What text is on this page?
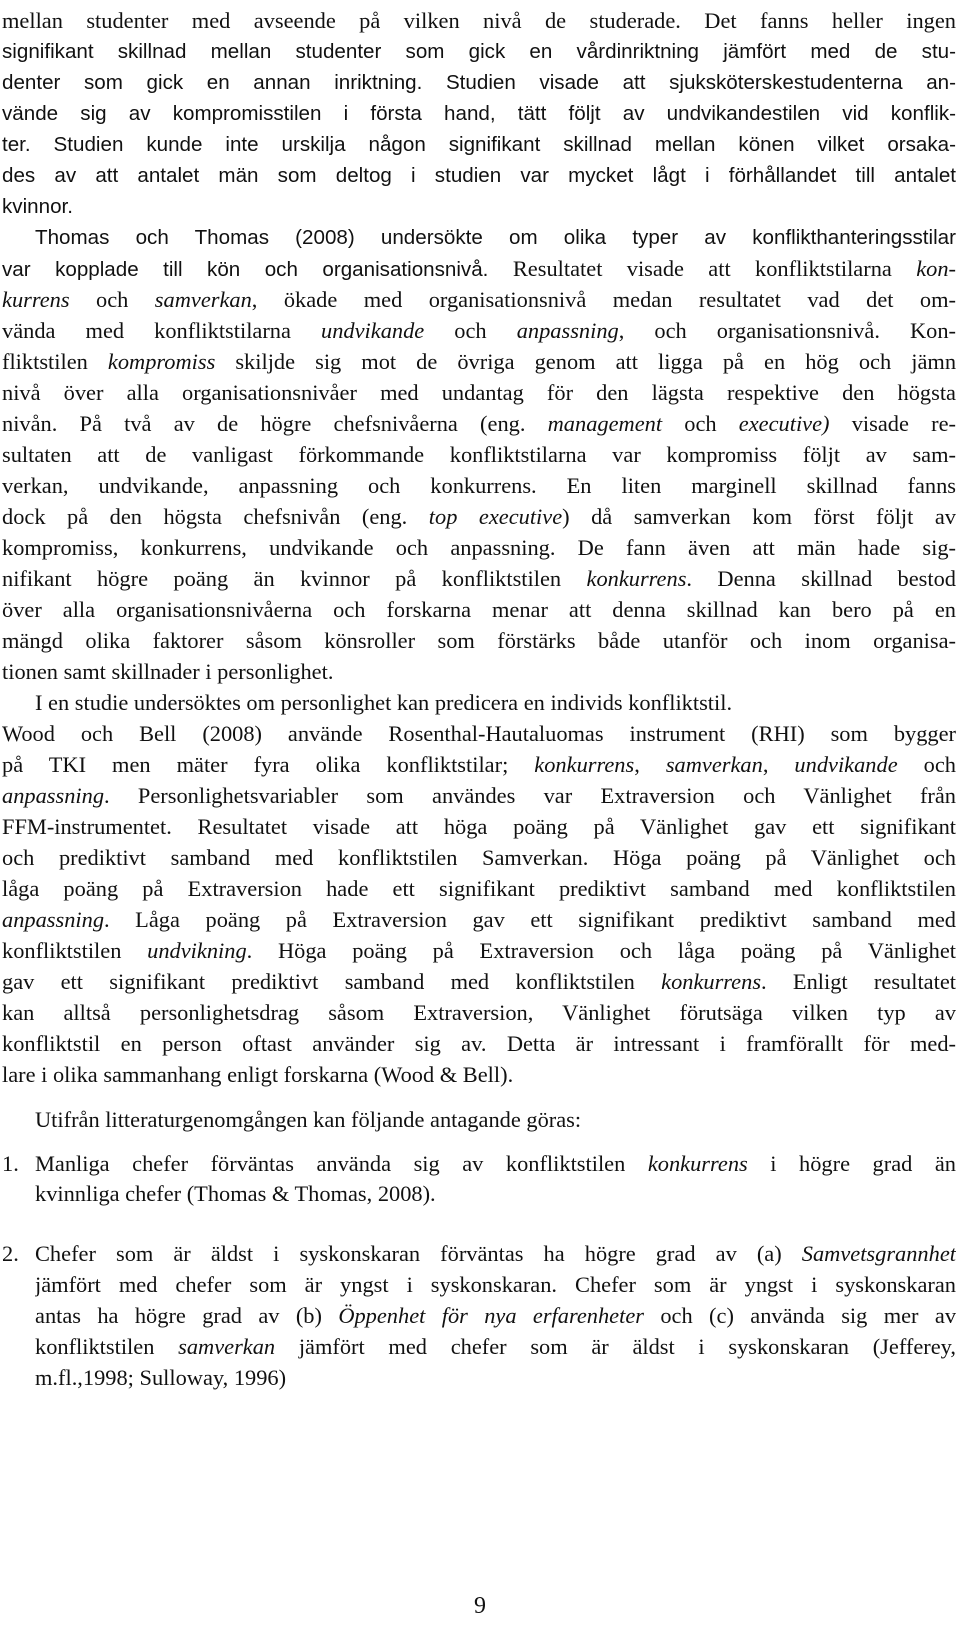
mellan studenter med avseende på vilken nivå de studerade. Det fanns heller ingen
signifikant skillnad mellan studenter som gick en vårdinriktning jämfört med de stu-
denter som gick en annan inriktning. Studien visade att sjuksköterskestudenterna an-
vände sig av kompromisstilen i första hand, tätt följt av undvikandestilen vid konflik-
ter. Studien kunde inte urskilja någon signifikant skillnad mellan könen vilket orsaka-
des av att antalet män som deltog i studien var mycket lågt i förhållandet till antalet
kvinnor.
Thomas och Thomas (2008) undersökte om olika typer av konflikthanteringsstilar
var kopplade till kön och organisationsnivå. Resultatet visade att konfliktstilarna kon-
kurrens och samverkan, ökade med organisationsnivå medan resultatet vad det om-
vända med konfliktstilarna undvikande och anpassning, och organisationsnivå. Kon-
fliktstilen kompromiss skiljde sig mot de övriga genom att ligga på en hög och jämn
nivå över alla organisationsnivåer med undantag för den lägsta respektive den högsta
nivån. På två av de högre chefsnivåerna (eng. management och executive) visade re-
sultaten att de vanligast förkommande konfliktstilarna var kompromiss följt av sam-
verkan, undvikande, anpassning och konkurrens. En liten marginell skillnad fanns
dock på den högsta chefsnivån (eng. top executive) då samverkan kom först följt av
kompromiss, konkurrens, undvikande och anpassning. De fann även att män hade sig-
nifikant högre poäng än kvinnor på konfliktstilen konkurrens. Denna skillnad bestod
över alla organisationsnivåerna och forskarna menar att denna skillnad kan bero på en
mängd olika faktorer såsom könsroller som förstärks både utanför och inom organisa-
tionen samt skillnader i personlighet.
I en studie undersöktes om personlighet kan predicera en individs konfliktstil.
Wood och Bell (2008) använde Rosenthal-Hautaluomas instrument (RHI) som bygger
på TKI men mäter fyra olika konfliktstilar; konkurrens, samverkan, undvikande och
anpassning. Personlighetsvariabler som användes var Extraversion och Vänlighet från
FFM-instrumentet. Resultatet visade att höga poäng på Vänlighet gav ett signifikant
och prediktivt samband med konfliktstilen Samverkan. Höga poäng på Vänlighet och
låga poäng på Extraversion hade ett signifikant prediktivt samband med konfliktstilen
anpassning. Låga poäng på Extraversion gav ett signifikant prediktivt samband med
konfliktstilen undvikning. Höga poäng på Extraversion och låga poäng på Vänlighet
gav ett signifikant prediktivt samband med konfliktstilen konkurrens. Enligt resultatet
kan alltså personlighetsdrag såsom Extraversion, Vänlighet förutsäga vilken typ av
konfliktstil en person oftast använder sig av. Detta är intressant i framförallt för med-
lare i olika sammanhang enligt forskarna (Wood & Bell).
Utifrån litteraturgenomgången kan följande antagande göras:
Manliga chefer förväntas använda sig av konfliktstilen konkurrens i högre grad än
kvinnliga chefer (Thomas & Thomas, 2008).
Chefer som är äldst i syskonskaran förväntas ha högre grad av (a) Samvetsgrannhet
jämfört med chefer som är yngst i syskonskaran. Chefer som är yngst i syskonskaran
antas ha högre grad av (b) Öppenhet för nya erfarenheter och (c) använda sig mer av
konfliktstilen samverkan jämfört med chefer som är äldst i syskonskaran (Jefferey,
m.fl.,1998; Sulloway, 1996)
1.
2.
9
